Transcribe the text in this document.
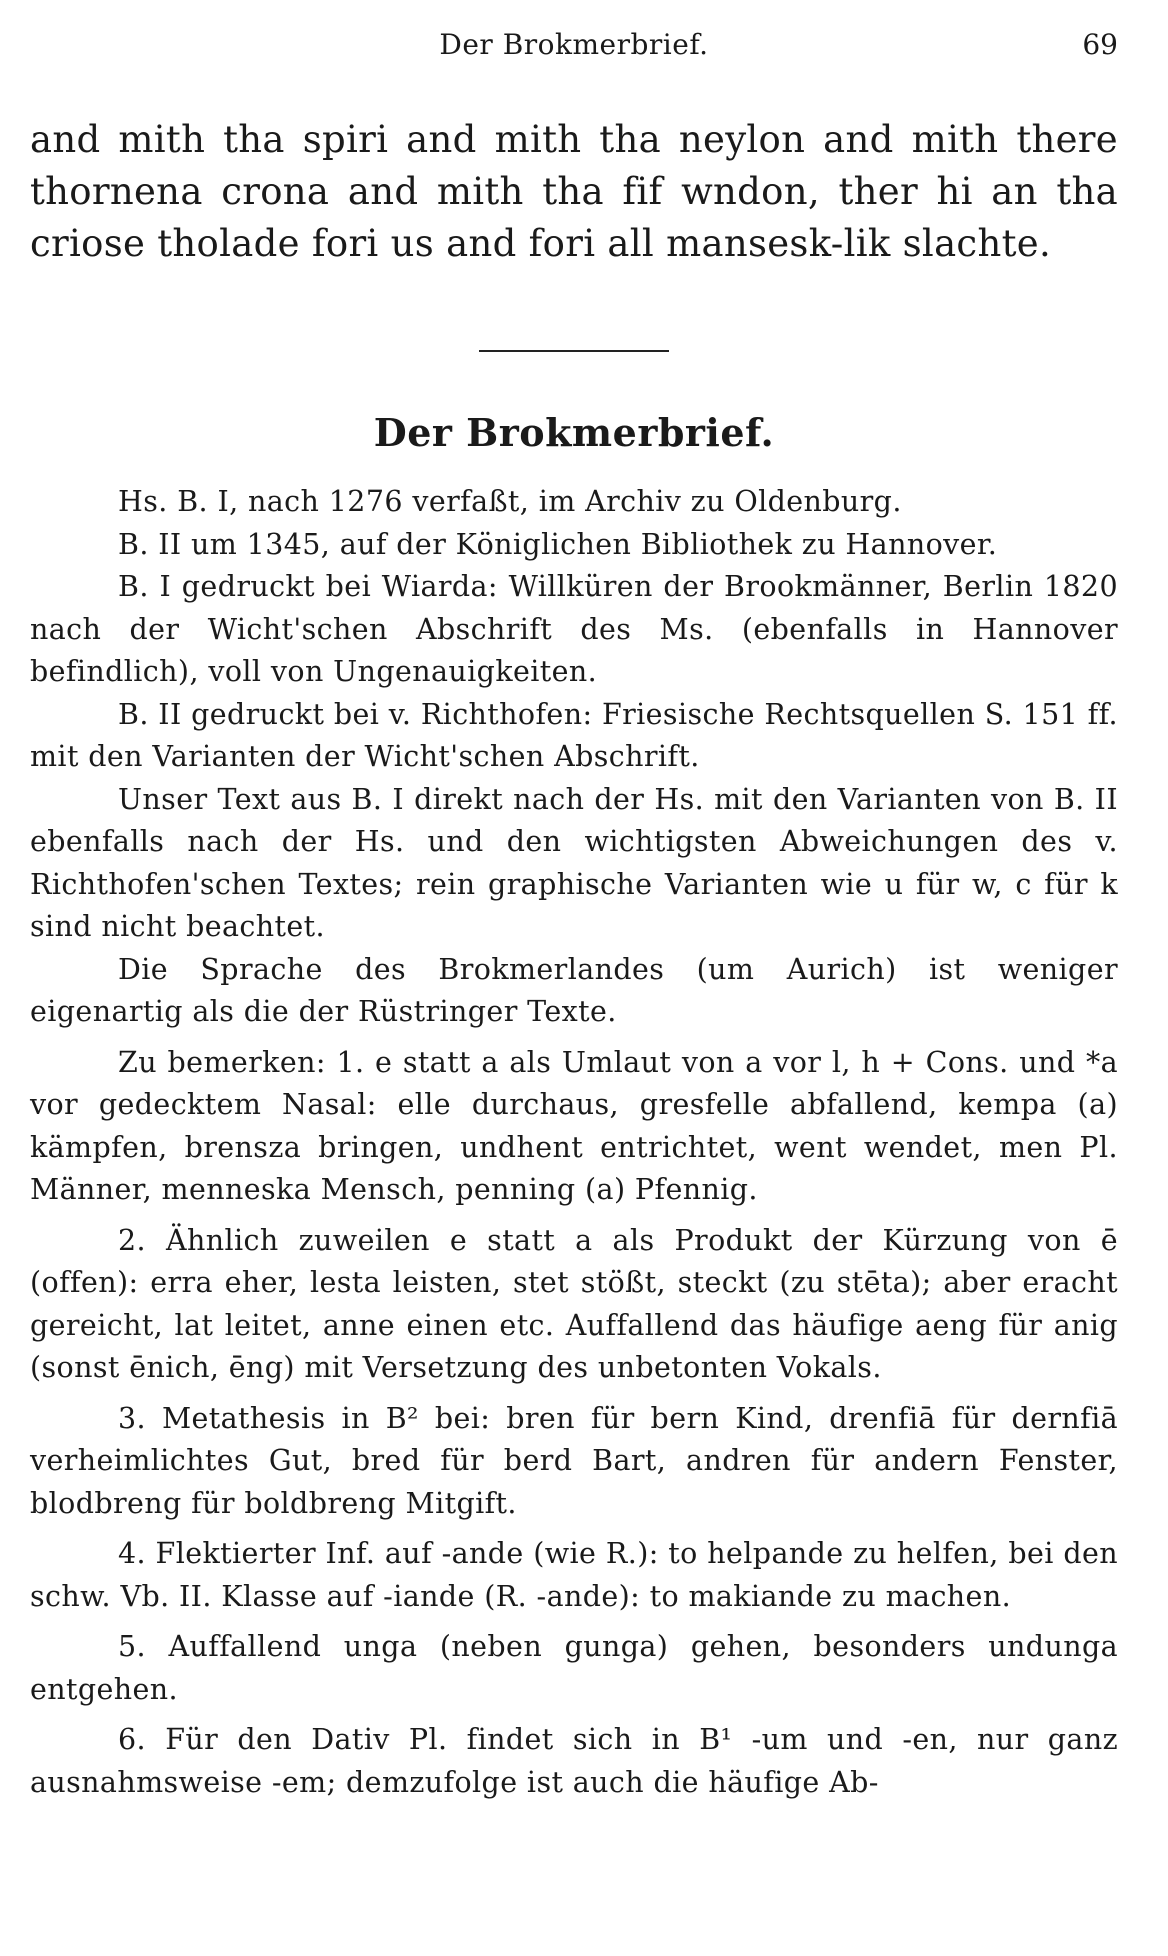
Der Brokmerbrief.	69
and mith tha spiri and mith tha neylon and mith there thornena crona and mith tha fif wndon, ther hi an tha criose tholade fori us and fori all mansesk-lik slachte.
Der Brokmerbrief.

Hs. B. I, nach 1276 verfaßt, im Archiv zu Oldenburg.

B. II um 1345, auf der Königlichen Bibliothek zu Hannover.

B. I gedruckt bei Wiarda: Willküren der Brookmänner, Berlin 1820 nach der Wicht'schen Abschrift des Ms. (ebenfalls in Hannover befindlich), voll von Ungenauigkeiten.

B. II gedruckt bei v. Richthofen: Friesische Rechtsquellen S. 151 ff. mit den Varianten der Wicht'schen Abschrift.

Unser Text aus B. I direkt nach der Hs. mit den Varianten von B. II ebenfalls nach der Hs. und den wichtigsten Abweichungen des v. Richthofen'schen Textes; rein graphische Varianten wie u für w, c für k sind nicht beachtet.

Die Sprache des Brokmerlandes (um Aurich) ist weniger eigenartig als die der Rüstringer Texte.

Zu bemerken: 1. e statt a als Umlaut von a vor l, h + Cons. und *a vor gedecktem Nasal: elle durchaus, gresfelle abfallend, kempa (a) kämpfen, brensza bringen, undhent entrichtet, went wendet, men Pl. Männer, menneska Mensch, penning (a) Pfennig.

2. Ähnlich zuweilen e statt a als Produkt der Kürzung von ē (offen): erra eher, lesta leisten, stet stößt, steckt (zu stēta); aber eracht gereicht, lat leitet, anne einen etc. Auffallend das häufige aeng für anig (sonst ēnich, ēng) mit Versetzung des unbetonten Vokals.

3. Metathesis in B² bei: bren für bern Kind, drenfiā für dernfiā verheimlichtes Gut, bred für berd Bart, andren für andern Fenster, blodbreng für boldbreng Mitgift.

4. Flektierter Inf. auf -ande (wie R.): to helpande zu helfen, bei den schw. Vb. II. Klasse auf -iande (R. -ande): to makiande zu machen.

5. Auffallend unga (neben gunga) gehen, besonders undunga entgehen.

6. Für den Dativ Pl. findet sich in B¹ -um und -en, nur ganz ausnahmsweise -em; demzufolge ist auch die häufige Ab-
